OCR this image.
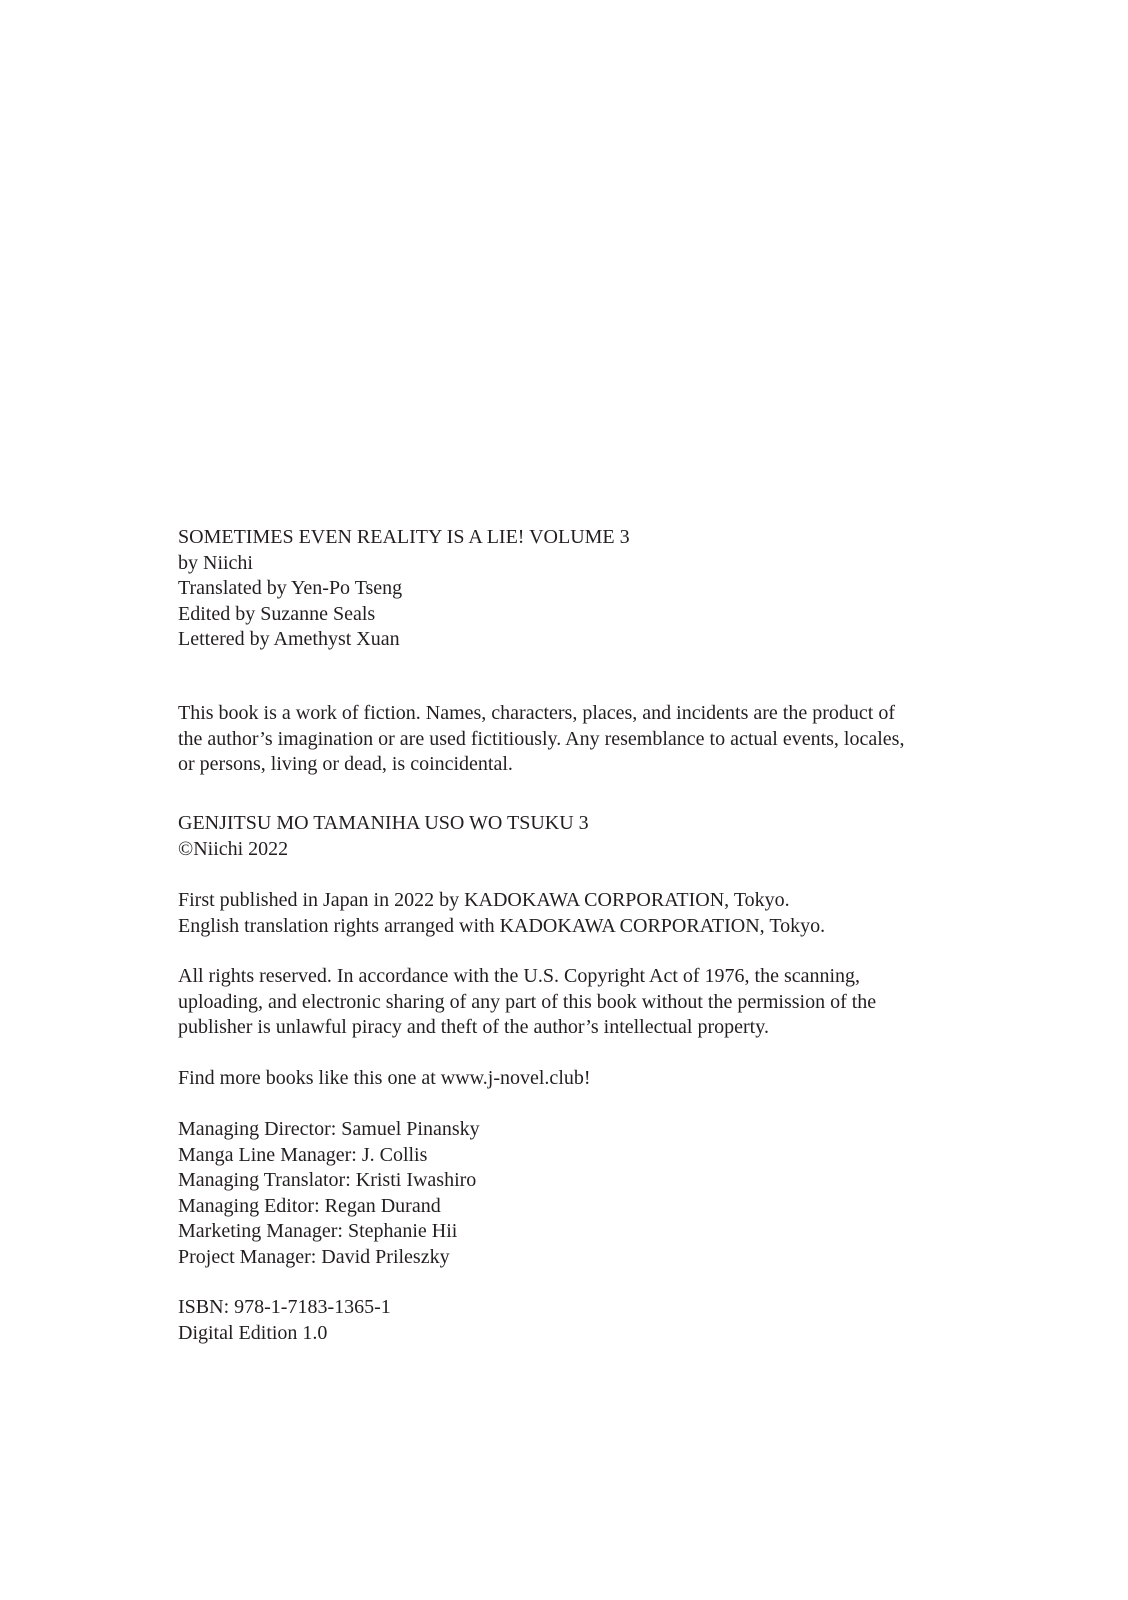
SOMETIMES EVEN REALITY IS A LIE! VOLUME 3
by Niichi
Translated by Yen-Po Tseng
Edited by Suzanne Seals
Lettered by Amethyst Xuan
This book is a work of fiction. Names, characters, places, and incidents are the product of
the author’s imagination or are used fictitiously. Any resemblance to actual events, locales,
or persons, living or dead, is coincidental.
GENJITSU MO TAMANIHA USO WO TSUKU 3
©Niichi 2022
First published in Japan in 2022 by KADOKAWA CORPORATION, Tokyo.
English translation rights arranged with KADOKAWA CORPORATION, Tokyo.
All rights reserved. In accordance with the U.S. Copyright Act of 1976, the scanning,
uploading, and electronic sharing of any part of this book without the permission of the
publisher is unlawful piracy and theft of the author’s intellectual property.
Find more books like this one at www.j-novel.club!
Managing Director: Samuel Pinansky
Manga Line Manager: J. Collis
Managing Translator: Kristi Iwashiro
Managing Editor: Regan Durand
Marketing Manager: Stephanie Hii
Project Manager: David Prileszky
ISBN: 978-1-7183-1365-1
Digital Edition 1.0
